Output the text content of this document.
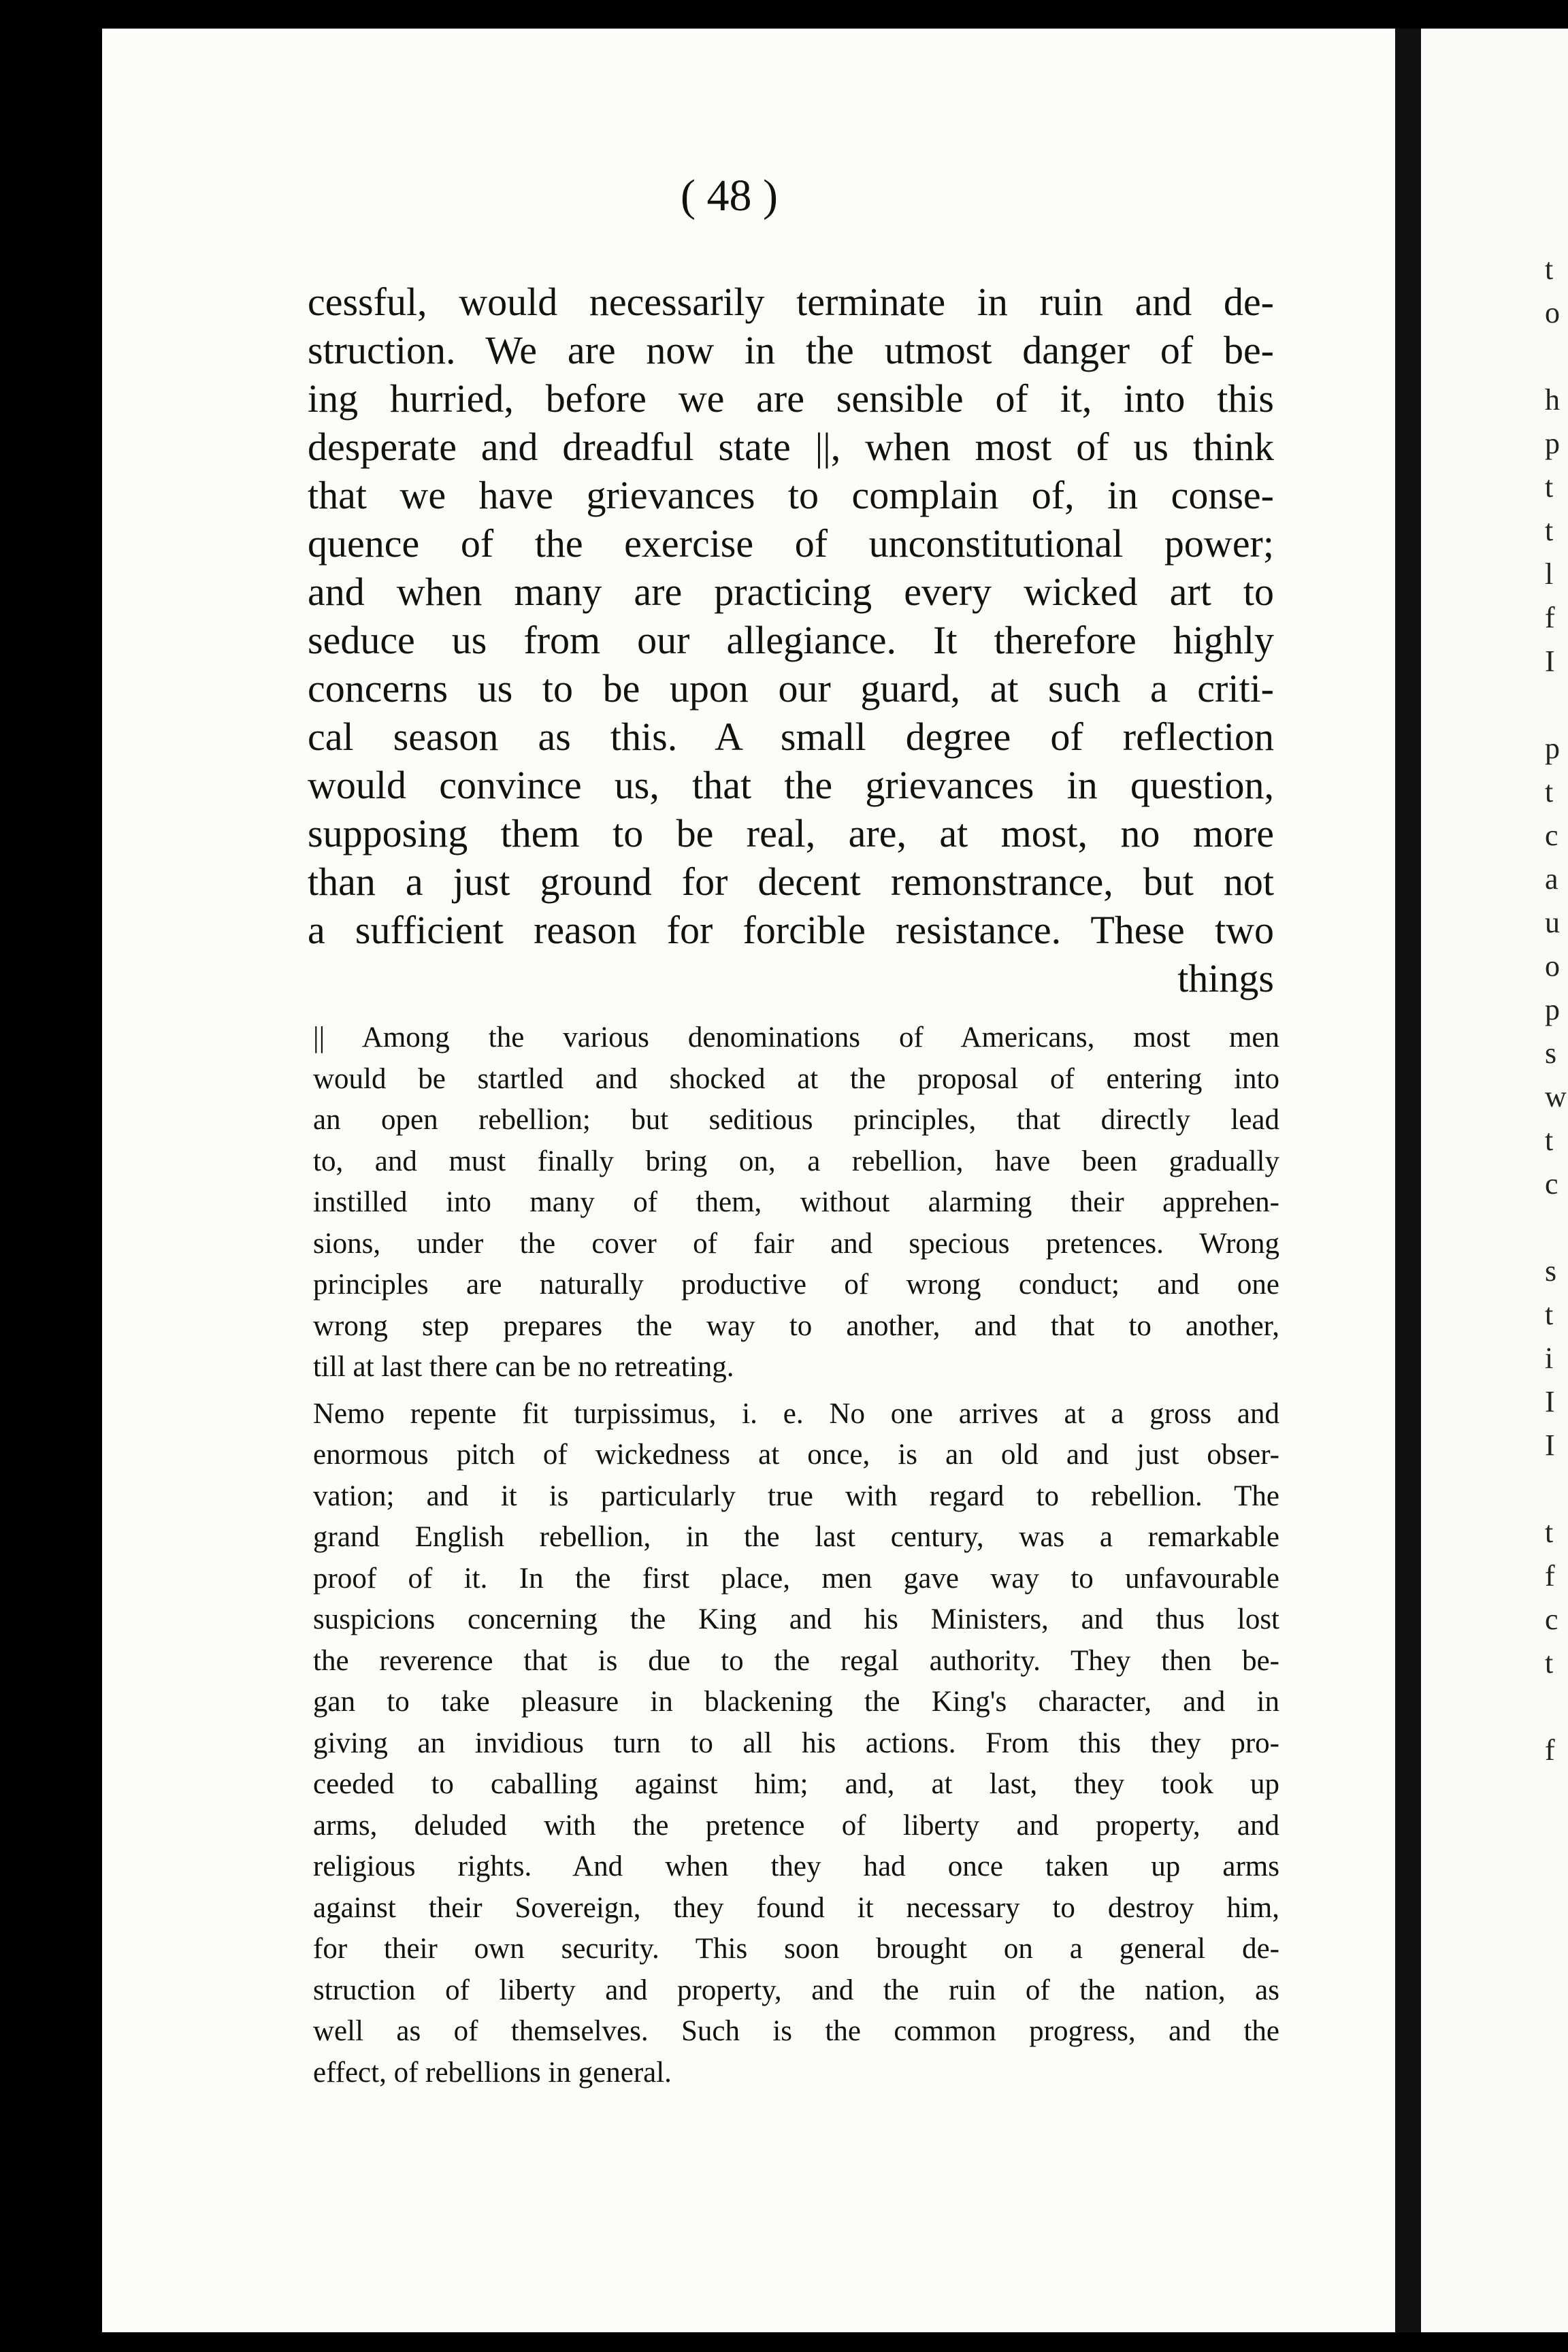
( 48 )
cessful, would necessarily terminate in ruin and de-
struction. We are now in the utmost danger of be-
ing hurried, before we are sensible of it, into this
desperate and dreadful state ||, when most of us think
that we have grievances to complain of, in conse-
quence of the exercise of unconstitutional power;
and when many are practicing every wicked art to
seduce us from our allegiance. It therefore highly
concerns us to be upon our guard, at such a criti-
cal season as this. A small degree of reflection
would convince us, that the grievances in question,
supposing them to be real, are, at most, no more
than a just ground for decent remonstrance, but not
a sufficient reason for forcible resistance. These two
things
|| Among the various denominations of Americans, most men
would be startled and shocked at the proposal of entering into
an open rebellion; but seditious principles, that directly lead
to, and must finally bring on, a rebellion, have been gradually
instilled into many of them, without alarming their apprehen-
sions, under the cover of fair and specious pretences. Wrong
principles are naturally productive of wrong conduct; and one
wrong step prepares the way to another, and that to another,
till at last there can be no retreating.
Nemo repente fit turpissimus, i. e. No one arrives at a gross and
enormous pitch of wickedness at once, is an old and just obser-
vation; and it is particularly true with regard to rebellion. The
grand English rebellion, in the last century, was a remarkable
proof of it. In the first place, men gave way to unfavourable
suspicions concerning the King and his Ministers, and thus lost
the reverence that is due to the regal authority. They then be-
gan to take pleasure in blackening the King's character, and in
giving an invidious turn to all his actions. From this they pro-
ceeded to caballing against him; and, at last, they took up
arms, deluded with the pretence of liberty and property, and
religious rights. And when they had once taken up arms
against their Sovereign, they found it necessary to destroy him,
for their own security. This soon brought on a general de-
struction of liberty and property, and the ruin of the nation, as
well as of themselves. Such is the common progress, and the
effect, of rebellions in general.
t
o
h
p
t
t
l
f
I
p
t
c
a
u
o
p
s
w
t
c
s
t
i
I
I
t
f
c
t
f
